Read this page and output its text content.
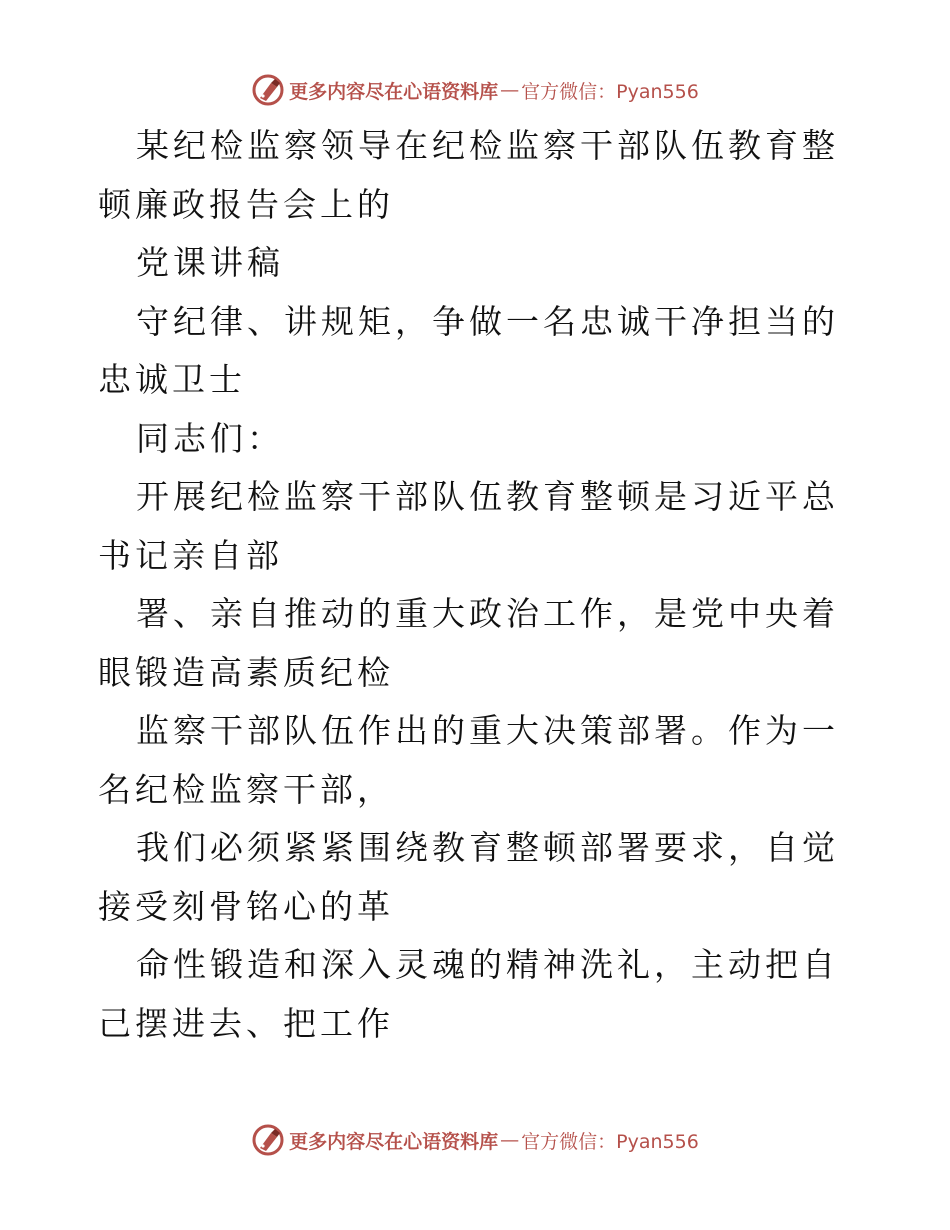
更多内容尽在心语资料库 — 官方微信：Pyan556

某纪检监察领导在纪检监察干部队伍教育整顿廉政报告会上的

党课讲稿

守纪律、讲规矩，争做一名忠诚干净担当的忠诚卫士

同志们：

开展纪检监察干部队伍教育整顿是习近平总书记亲自部

署、亲自推动的重大政治工作，是党中央着眼锻造高素质纪检

监察干部队伍作出的重大决策部署。作为一名纪检监察干部，

我们必须紧紧围绕教育整顿部署要求，自觉接受刻骨铭心的革

命性锻造和深入灵魂的精神洗礼，主动把自己摆进去、把工作

更多内容尽在心语资料库 — 官方微信：Pyan556
